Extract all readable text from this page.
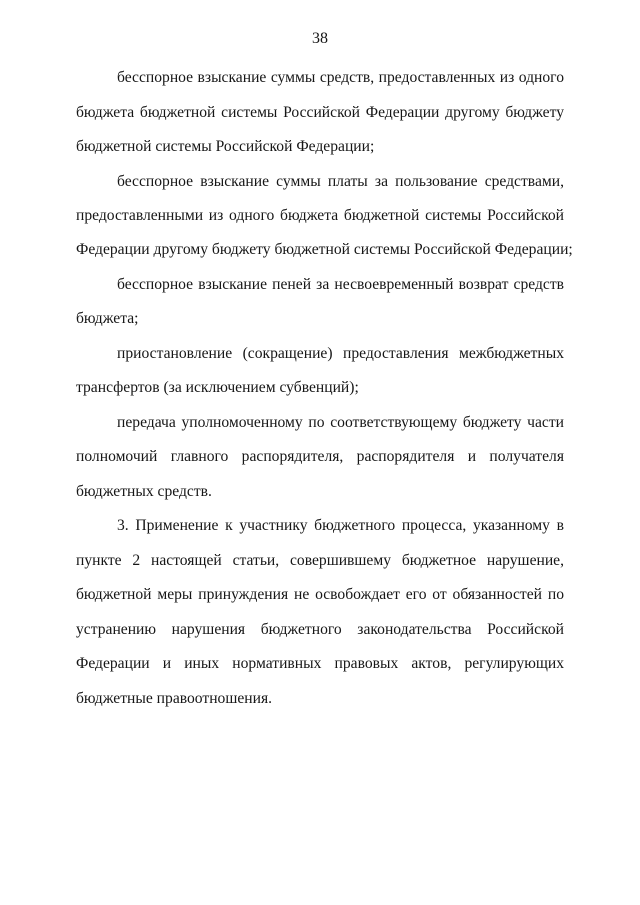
38
бесспорное взыскание суммы средств, предоставленных из одного
бюджета бюджетной системы Российской Федерации другому бюджету
бюджетной системы Российской Федерации;
бесспорное взыскание суммы платы за пользование средствами,
предоставленными из одного бюджета бюджетной системы Российской
Федерации другому бюджету бюджетной системы Российской Федерации;
бесспорное взыскание пеней за несвоевременный возврат средств
бюджета;
приостановление (сокращение) предоставления межбюджетных
трансфертов (за исключением субвенций);
передача уполномоченному по соответствующему бюджету части
полномочий главного распорядителя, распорядителя и получателя
бюджетных средств.
3. Применение к участнику бюджетного процесса, указанному в
пункте 2 настоящей статьи, совершившему бюджетное нарушение,
бюджетной меры принуждения не освобождает его от обязанностей по
устранению нарушения бюджетного законодательства Российской
Федерации и иных нормативных правовых актов, регулирующих
бюджетные правоотношения.
